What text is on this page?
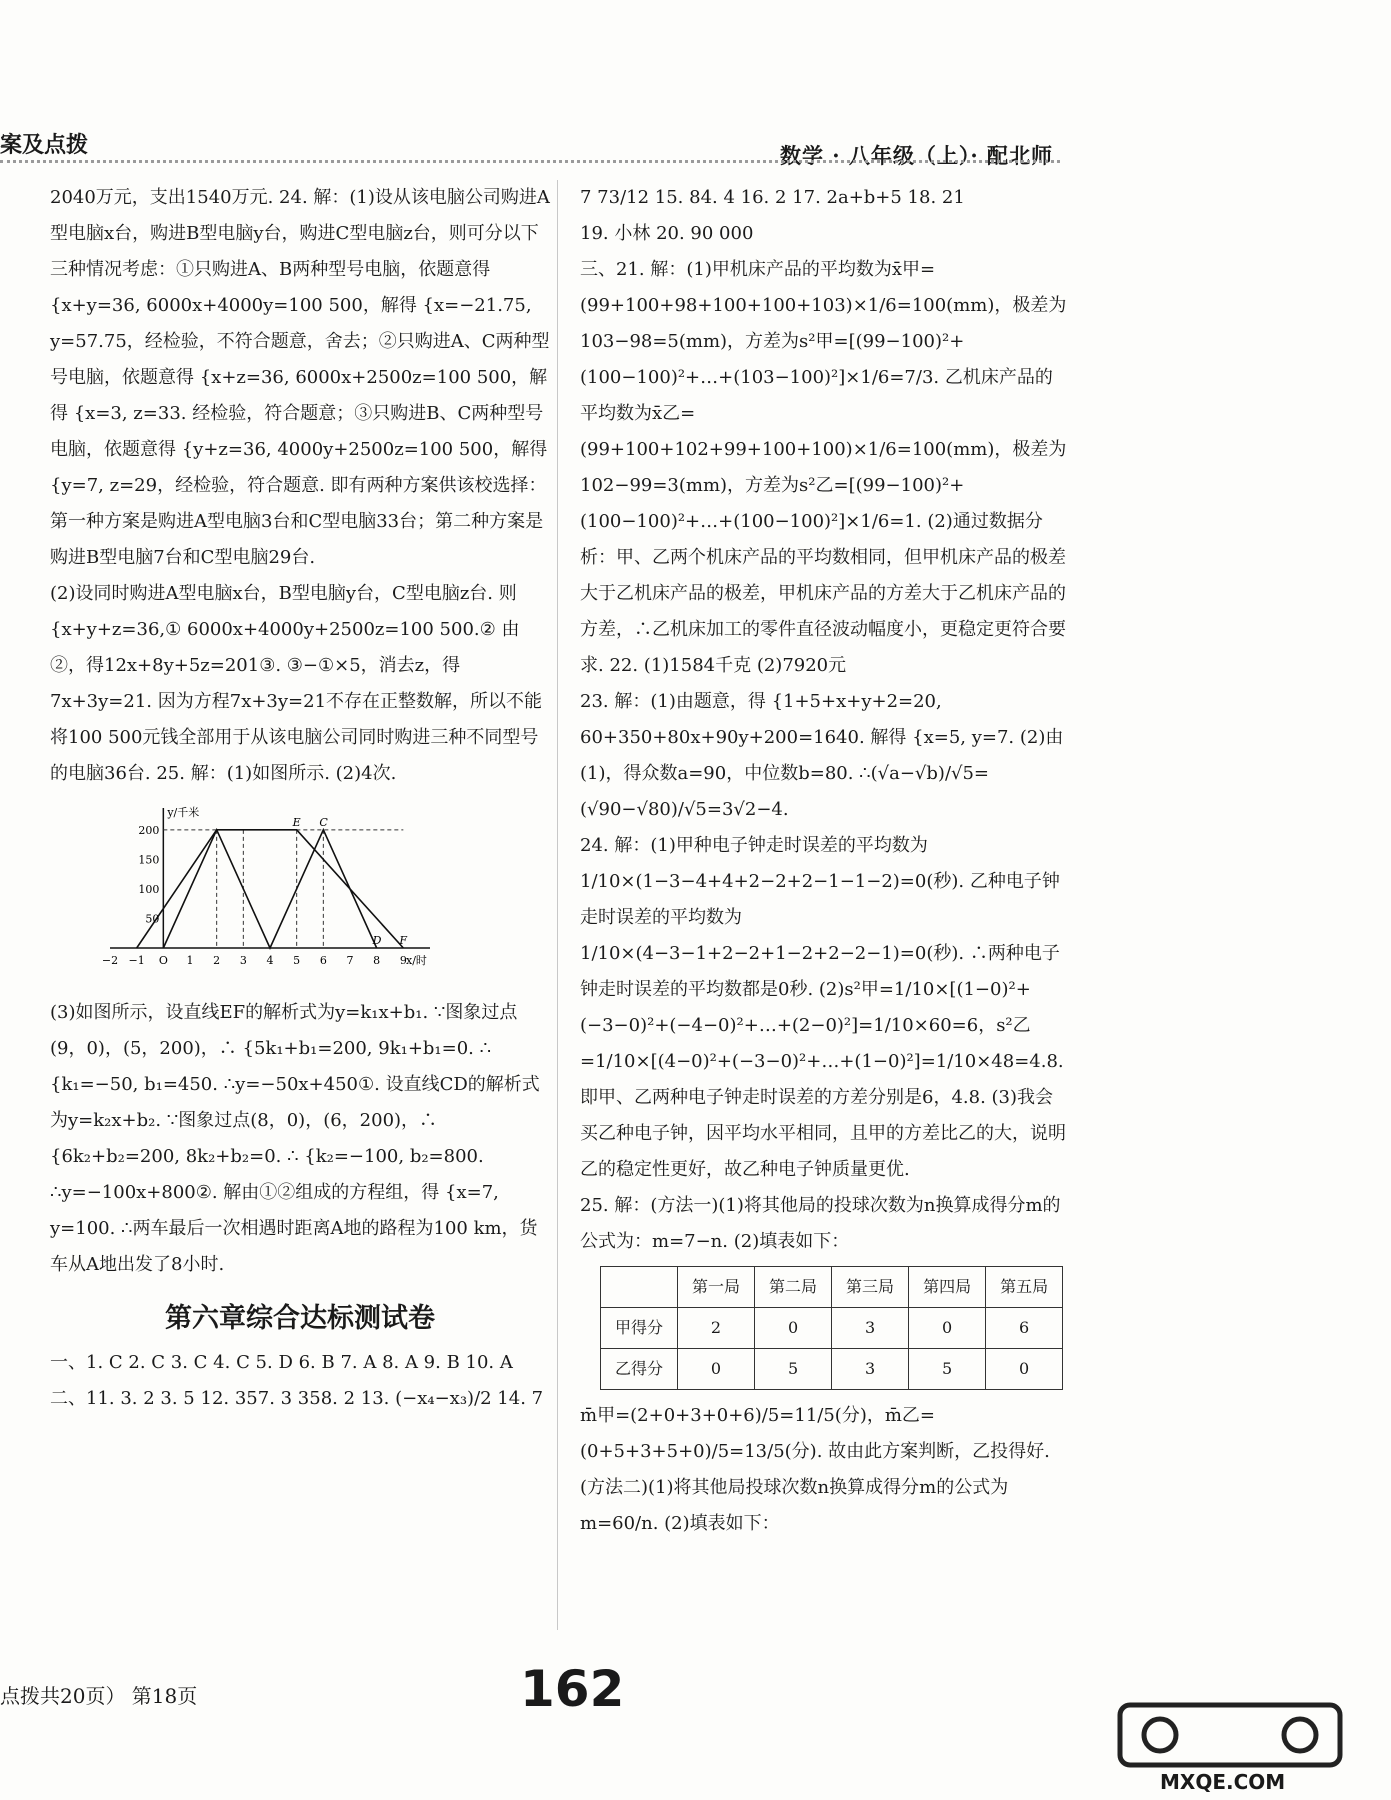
案及点拨	数学 · 八年级（上）· 配北师

2040万元，支出1540万元. 24. 解：(1)设从该电脑公司购进A型电脑x台，购进B型电脑y台，购进C型电脑z台，则可分以下三种情况考虑：①只购进A、B两种型号电脑，依题意得 {x+y=36, 6000x+4000y=100 500，解得 {x=−21.75, y=57.75，经检验，不符合题意，舍去；②只购进A、C两种型号电脑，依题意得 {x+z=36, 6000x+2500z=100 500，解得 {x=3, z=33. 经检验，符合题意；③只购进B、C两种型号电脑，依题意得 {y+z=36, 4000y+2500z=100 500，解得 {y=7, z=29，经检验，符合题意. 即有两种方案供该校选择：第一种方案是购进A型电脑3台和C型电脑33台；第二种方案是购进B型电脑7台和C型电脑29台.

(2)设同时购进A型电脑x台，B型电脑y台，C型电脑z台. 则 {x+y+z=36,① 6000x+4000y+2500z=100 500.② 由②，得12x+8y+5z=201③. ③−①×5，消去z，得7x+3y=21. 因为方程7x+3y=21不存在正整数解，所以不能将100 500元钱全部用于从该电脑公司同时购进三种不同型号的电脑36台. 25. 解：(1)如图所示. (2)4次.

−2 −1 O 1 2 3 4 5 6 7 8 9
50
100
150
200
y/千米
x/时
E C
D F

(3)如图所示，设直线EF的解析式为y=k₁x+b₁. ∵图象过点(9，0)，(5，200)，∴ {5k₁+b₁=200, 9k₁+b₁=0. ∴ {k₁=−50, b₁=450. ∴y=−50x+450①. 设直线CD的解析式为y=k₂x+b₂. ∵图象过点(8，0)，(6，200)，∴ {6k₂+b₂=200, 8k₂+b₂=0. ∴ {k₂=−100, b₂=800. ∴y=−100x+800②. 解由①②组成的方程组，得 {x=7, y=100. ∴两车最后一次相遇时距离A地的路程为100 km，货车从A地出发了8小时.

第六章综合达标测试卷

一、1. C 2. C 3. C 4. C 5. D 6. B 7. A 8. A 9. B 10. A

二、11. 3. 2 3. 5 12. 357. 3 358. 2 13. (−x₄−x₃)/2 14. 7

7 73/12 15. 84. 4 16. 2 17. 2a+b+5 18. 21

19. 小林 20. 90 000

三、21. 解：(1)甲机床产品的平均数为x̄甲=(99+100+98+100+100+103)×1/6=100(mm)，极差为103−98=5(mm)，方差为s²甲=[(99−100)²+(100−100)²+…+(103−100)²]×1/6=7/3. 乙机床产品的平均数为x̄乙=(99+100+102+99+100+100)×1/6=100(mm)，极差为102−99=3(mm)，方差为s²乙=[(99−100)²+(100−100)²+…+(100−100)²]×1/6=1. (2)通过数据分析：甲、乙两个机床产品的平均数相同，但甲机床产品的极差大于乙机床产品的极差，甲机床产品的方差大于乙机床产品的方差，∴乙机床加工的零件直径波动幅度小，更稳定更符合要求. 22. (1)1584千克 (2)7920元

23. 解：(1)由题意，得 {1+5+x+y+2=20, 60+350+80x+90y+200=1640. 解得 {x=5, y=7. (2)由(1)，得众数a=90，中位数b=80. ∴(√a−√b)/√5=(√90−√80)/√5=3√2−4.

24. 解：(1)甲种电子钟走时误差的平均数为1/10×(1−3−4+4+2−2+2−1−1−2)=0(秒). 乙种电子钟走时误差的平均数为1/10×(4−3−1+2−2+1−2+2−2−1)=0(秒). ∴两种电子钟走时误差的平均数都是0秒. (2)s²甲=1/10×[(1−0)²+(−3−0)²+(−4−0)²+…+(2−0)²]=1/10×60=6，s²乙=1/10×[(4−0)²+(−3−0)²+…+(1−0)²]=1/10×48=4.8. 即甲、乙两种电子钟走时误差的方差分别是6，4.8. (3)我会买乙种电子钟，因平均水平相同，且甲的方差比乙的大，说明乙的稳定性更好，故乙种电子钟质量更优.

25. 解：(方法一)(1)将其他局的投球次数为n换算成得分m的公式为：m=7−n. (2)填表如下：

	第一局	第二局	第三局	第四局	第五局
甲得分	2	0	3	0	6
乙得分	0	5	3	5	0

m̄甲=(2+0+3+0+6)/5=11/5(分)，m̄乙=(0+5+3+5+0)/5=13/5(分). 故由此方案判断，乙投得好. (方法二)(1)将其他局投球次数n换算成得分m的公式为m=60/n. (2)填表如下：

点拨共20页） 第18页	162
MXQE.COM
